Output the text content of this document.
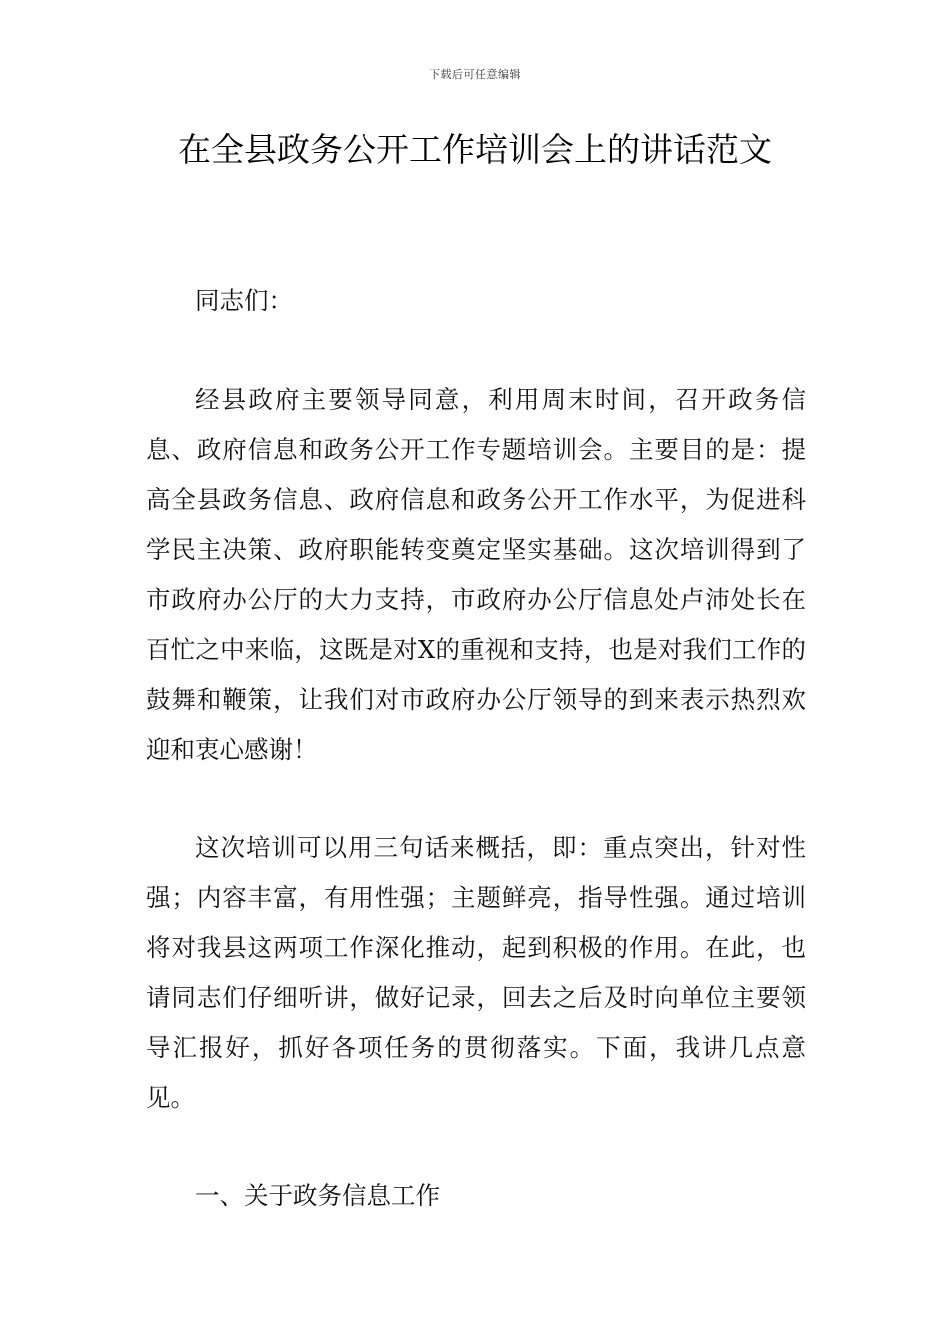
下载后可任意编辑
在全县政务公开工作培训会上的讲话范文

同志们：

经县政府主要领导同意，利用周末时间，召开政务信息、政府信息和政务公开工作专题培训会。主要目的是：提高全县政务信息、政府信息和政务公开工作水平，为促进科学民主决策、政府职能转变奠定坚实基础。这次培训得到了市政府办公厅的大力支持，市政府办公厅信息处卢沛处长在百忙之中来临，这既是对X的重视和支持，也是对我们工作的鼓舞和鞭策，让我们对市政府办公厅领导的到来表示热烈欢迎和衷心感谢！

这次培训可以用三句话来概括，即：重点突出，针对性强；内容丰富，有用性强；主题鲜亮，指导性强。通过培训将对我县这两项工作深化推动，起到积极的作用。在此，也请同志们仔细听讲，做好记录，回去之后及时向单位主要领导汇报好，抓好各项任务的贯彻落实。下面，我讲几点意见。

一、关于政务信息工作
